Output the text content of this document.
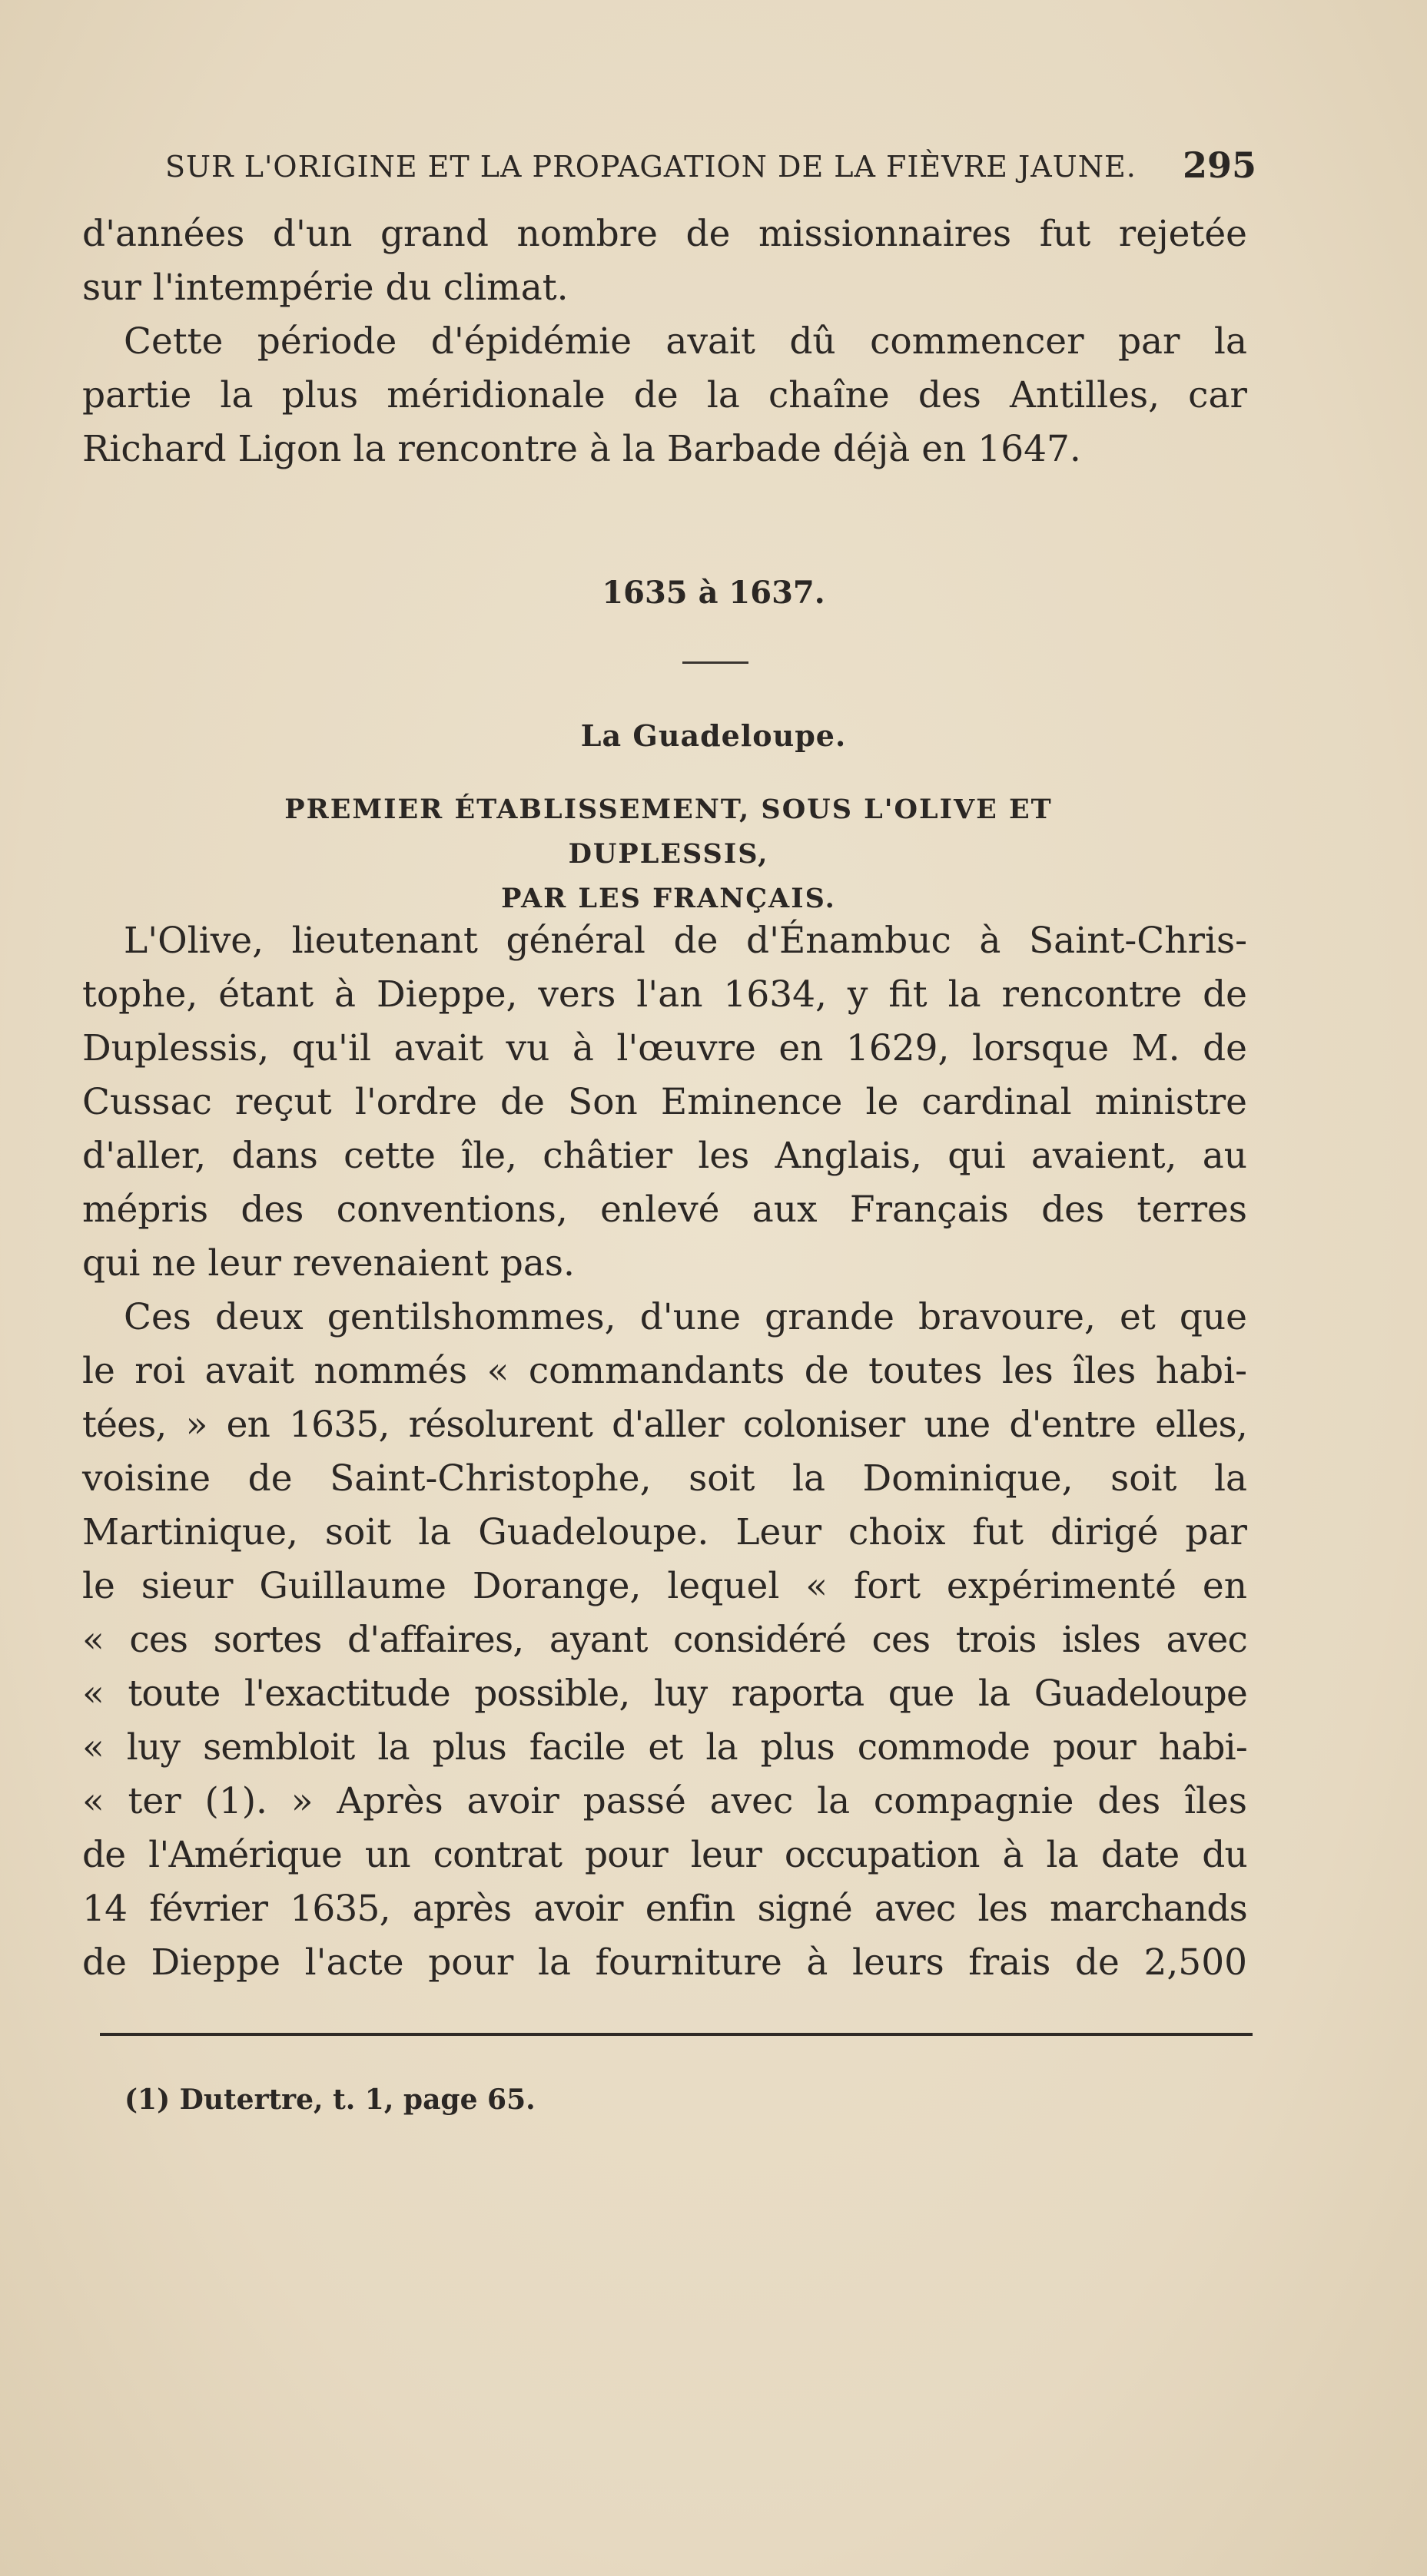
SUR L'ORIGINE ET LA PROPAGATION DE LA FIÈVRE JAUNE. 295

d'années d'un grand nombre de missionnaires fut rejetée

sur l'intempérie du climat.

Cette période d'épidémie avait dû commencer par la

partie la plus méridionale de la chaîne des Antilles, car

Richard Ligon la rencontre à la Barbade déjà en 1647.

1635 à 1637.
La Guadeloupe.
PREMIER ÉTABLISSEMENT, SOUS L'OLIVE ET DUPLESSIS,
PAR LES FRANÇAIS.

L'Olive, lieutenant général de d'Énambuc à Saint-Chris-

tophe, étant à Dieppe, vers l'an 1634, y fit la rencontre de

Duplessis, qu'il avait vu à l'œuvre en 1629, lorsque M. de

Cussac reçut l'ordre de Son Eminence le cardinal ministre

d'aller, dans cette île, châtier les Anglais, qui avaient, au

mépris des conventions, enlevé aux Français des terres

qui ne leur revenaient pas.

Ces deux gentilshommes, d'une grande bravoure, et que

le roi avait nommés « commandants de toutes les îles habi-

tées, » en 1635, résolurent d'aller coloniser une d'entre elles,

voisine de Saint-Christophe, soit la Dominique, soit la

Martinique, soit la Guadeloupe. Leur choix fut dirigé par

le sieur Guillaume Dorange, lequel « fort expérimenté en

« ces sortes d'affaires, ayant considéré ces trois isles avec

« toute l'exactitude possible, luy raporta que la Guadeloupe

« luy sembloit la plus facile et la plus commode pour habi-

« ter (1). » Après avoir passé avec la compagnie des îles

de l'Amérique un contrat pour leur occupation à la date du

14 février 1635, après avoir enfin signé avec les marchands

de Dieppe l'acte pour la fourniture à leurs frais de 2,500

(1) Dutertre, t. 1, page 65.
